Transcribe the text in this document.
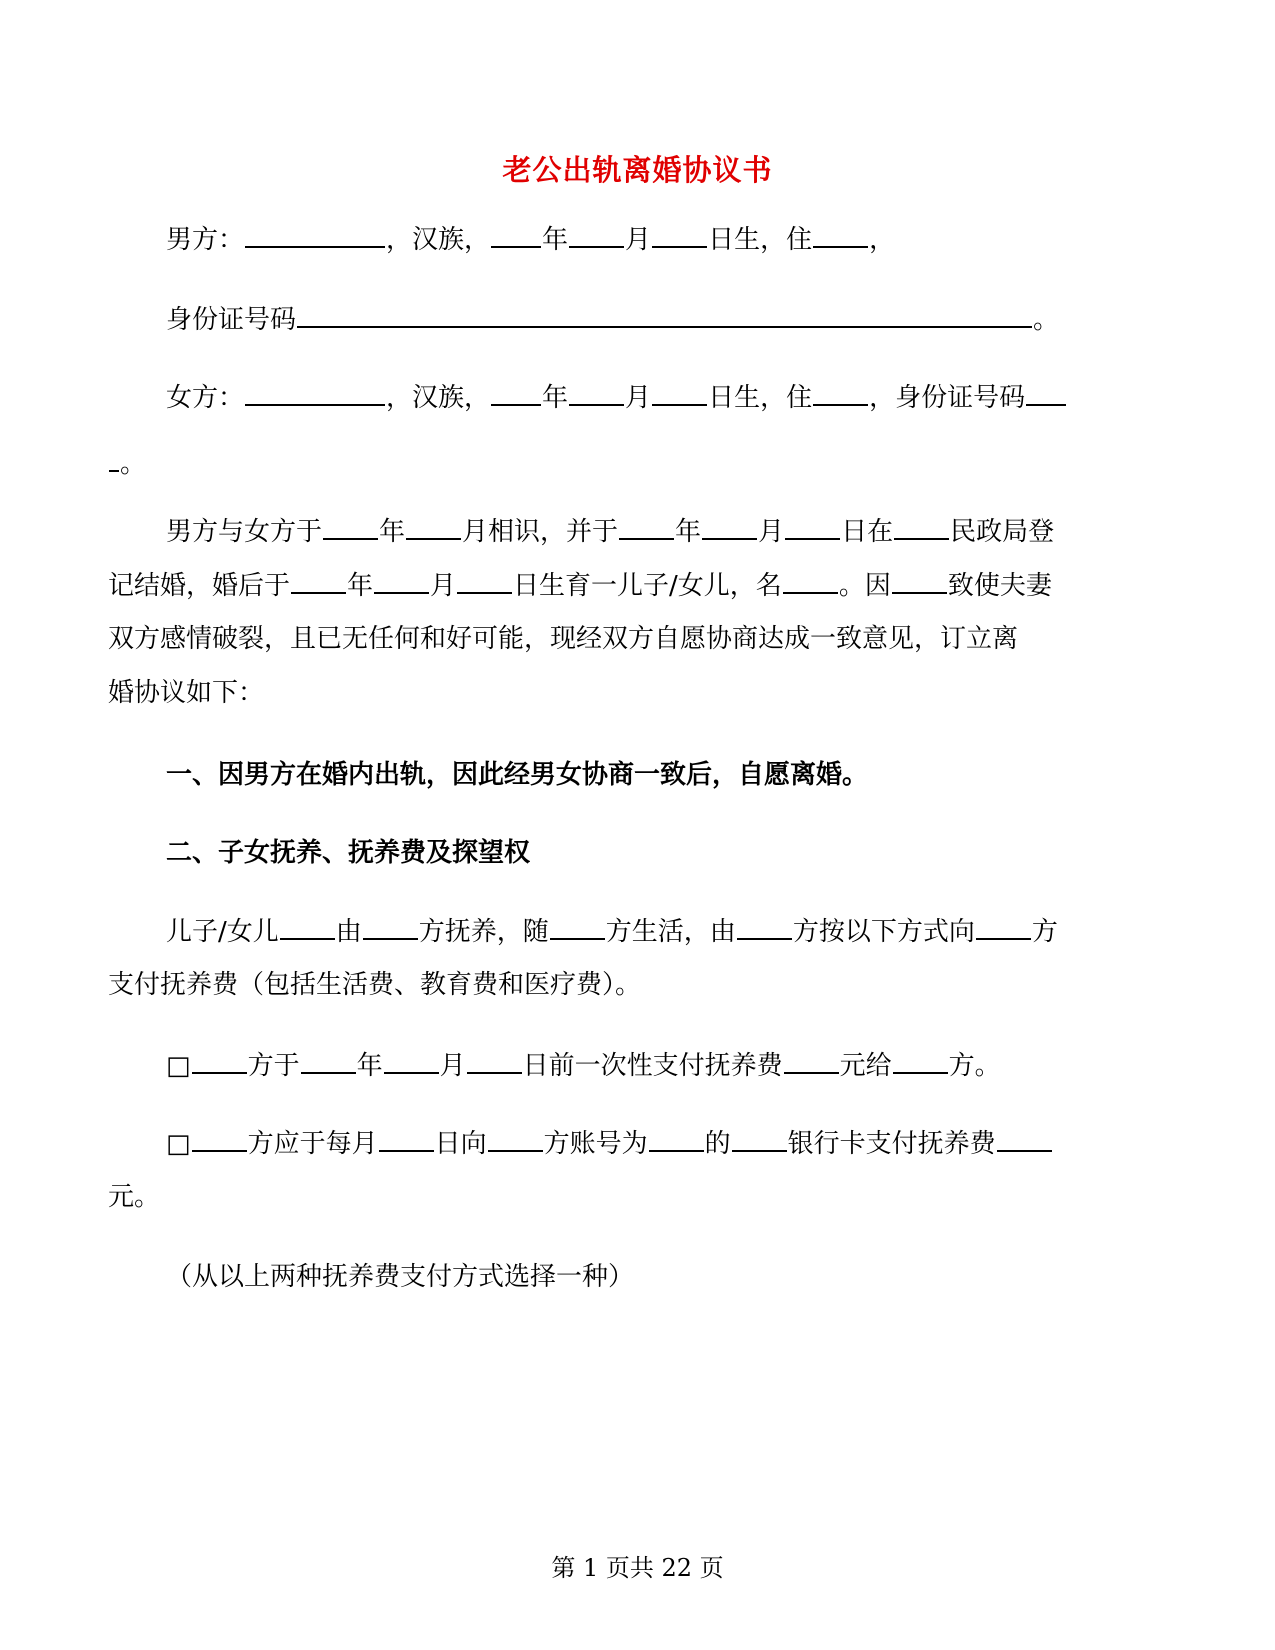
老公出轨离婚协议书
男方：	，汉族， 年 月 日生，住 ，
身份证号码	。
女方：	，汉族， 年 月 日生，住 ，身份证号码
。
男方与女方于 年 月相识，并于 年 月 日在 民政局登
记结婚，婚后于 年 月 日生育一儿子/女儿，名 。因 致使夫妻
双方感情破裂，且已无任何和好可能，现经双方自愿协商达成一致意见，订立离
婚协议如下：
一、因男方在婚内出轨，因此经男女协商一致后，自愿离婚。
二、子女抚养、抚养费及探望权
儿子/女儿 由 方抚养，随 方生活，由 方按以下方式向 方
支付抚养费（包括生活费、教育费和医疗费）。
□ 方于 年 月 日前一次性支付抚养费 元给 方。
□ 方应于每月 日向 方账号为 的 银行卡支付抚养费
元。
（从以上两种抚养费支付方式选择一种）
第 1 页共 22 页
